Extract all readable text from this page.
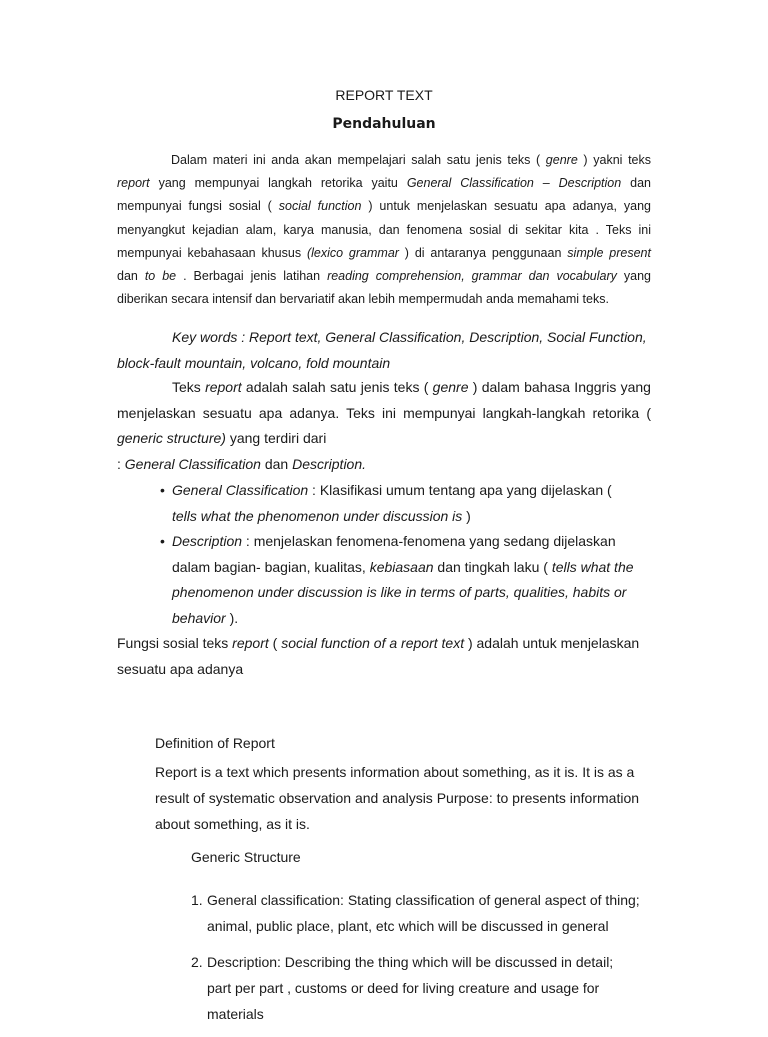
REPORT TEXT
Pendahuluan
Dalam materi ini anda akan mempelajari salah satu jenis teks ( genre ) yakni teks report yang mempunyai langkah retorika yaitu General Classification – Description dan mempunyai fungsi sosial ( social function ) untuk menjelaskan sesuatu apa adanya, yang menyangkut kejadian alam, karya manusia, dan fenomena sosial di sekitar kita . Teks ini mempunyai kebahasaan khusus (lexico grammar ) di antaranya penggunaan simple present dan to be . Berbagai jenis latihan reading comprehension, grammar dan vocabulary yang diberikan secara intensif dan bervariatif akan lebih mempermudah anda memahami teks.
Key words : Report text, General Classification, Description, Social Function, block-fault mountain, volcano, fold mountain
Teks report adalah salah satu jenis teks ( genre ) dalam bahasa Inggris yang menjelaskan sesuatu apa adanya. Teks ini mempunyai langkah-langkah retorika ( generic structure) yang terdiri dari
: General Classification dan Description.
• General Classification : Klasifikasi umum tentang apa yang dijelaskan ( tells what the phenomenon under discussion is )
• Description : menjelaskan fenomena-fenomena yang sedang dijelaskan dalam bagian- bagian, kualitas, kebiasaan dan tingkah laku ( tells what the phenomenon under discussion is like in terms of parts, qualities, habits or behavior ).
Fungsi sosial teks report ( social function of a report text ) adalah untuk menjelaskan sesuatu apa adanya
Definition of Report
Report is a text which presents information about something, as it is. It is as a result of systematic observation and analysis Purpose: to presents information about something, as it is.
Generic Structure
1. General classification: Stating classification of general aspect of thing; animal, public place, plant, etc which will be discussed in general
2. Description: Describing the thing which will be discussed in detail; part per part , customs or deed for living creature and usage for materials
